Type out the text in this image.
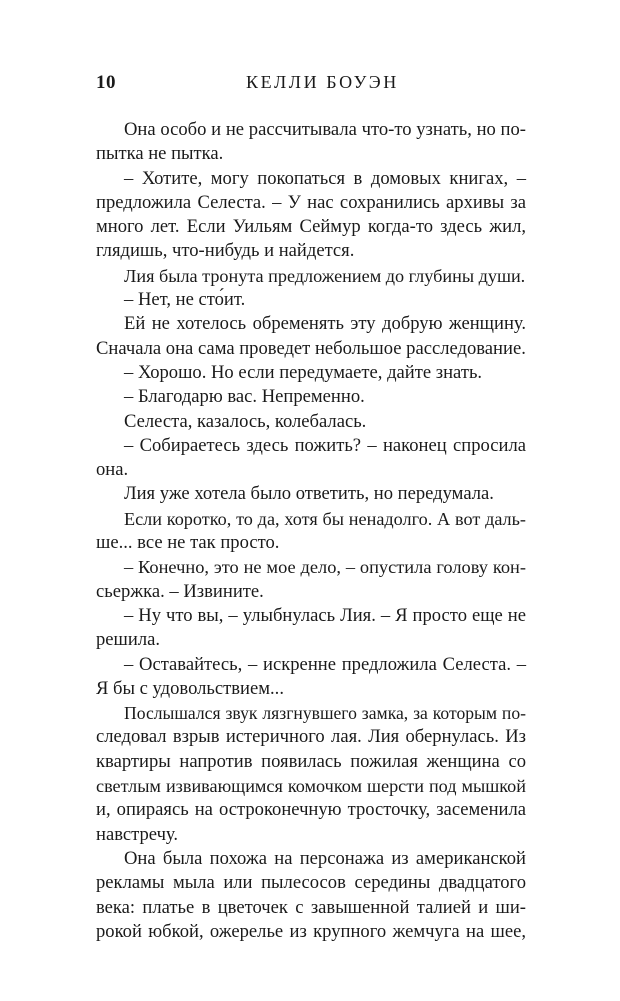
10	КЕЛЛИ БОУЭН
Она особо и не рассчитывала что-то узнать, но по-
пытка не пытка.
– Хотите, могу покопаться в домовых книгах, –
предложила Селеста. – У нас сохранились архивы за
много лет. Если Уильям Сеймур когда-то здесь жил,
глядишь, что-нибудь и найдется.
Лия была тронута предложением до глубины души.
– Нет, не сто́ит.
Ей не хотелось обременять эту добрую женщину.
Сначала она сама проведет небольшое расследование.
– Хорошо. Но если передумаете, дайте знать.
– Благодарю вас. Непременно.
Селеста, казалось, колебалась.
– Собираетесь здесь пожить? – наконец спросила
она.
Лия уже хотела было ответить, но передумала.
Если коротко, то да, хотя бы ненадолго. А вот даль-
ше... все не так просто.
– Конечно, это не мое дело, – опустила голову кон-
сьержка. – Извините.
– Ну что вы, – улыбнулась Лия. – Я просто еще не
решила.
– Оставайтесь, – искренне предложила Селеста. –
Я бы с удовольствием...
Послышался звук лязгнувшего замка, за которым по-
следовал взрыв истеричного лая. Лия обернулась. Из
квартиры напротив появилась пожилая женщина со
светлым извивающимся комочком шерсти под мышкой
и, опираясь на остроконечную тросточку, засеменила
навстречу.
Она была похожа на персонажа из американской
рекламы мыла или пылесосов середины двадцатого
века: платье в цветочек с завышенной талией и ши-
рокой юбкой, ожерелье из крупного жемчуга на шее,
